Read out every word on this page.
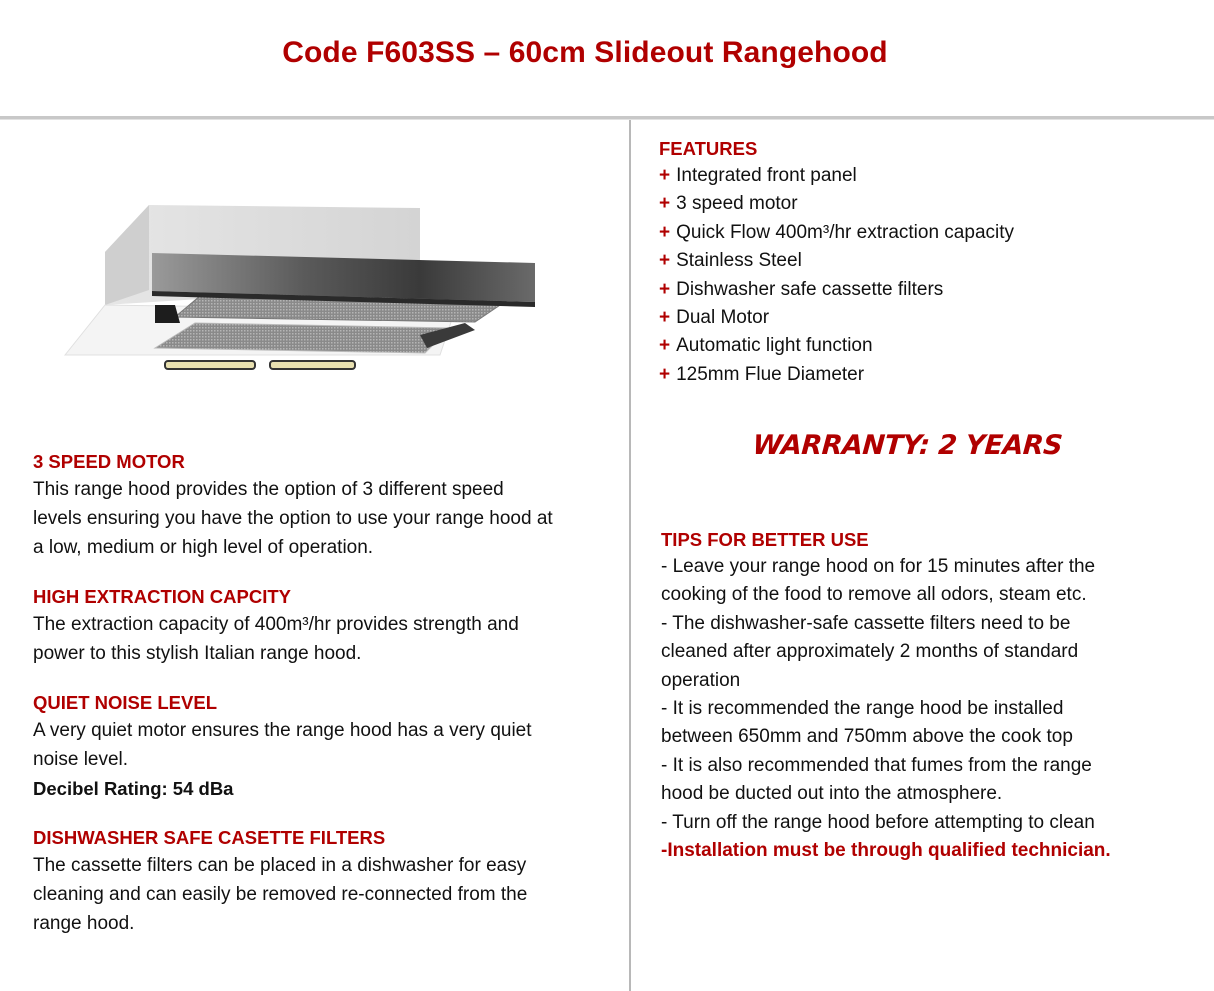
Code F603SS – 60cm Slideout Rangehood
3 SPEED MOTOR
This range hood provides the option of 3 different speed
levels ensuring you have the option to use your range hood at
a low, medium or high level of operation.
HIGH EXTRACTION CAPCITY
The extraction capacity of 400m³/hr provides strength and
power to this stylish Italian range hood.
QUIET NOISE LEVEL
A very quiet motor ensures the range hood has a very quiet
noise level.
Decibel Rating: 54 dBa
DISHWASHER SAFE CASETTE FILTERS
The cassette filters can be placed in a dishwasher for easy
cleaning and can easily be removed re-connected from the
range hood.
FEATURES
+ Integrated front panel
+ 3 speed motor
+ Quick Flow 400m³/hr extraction capacity
+ Stainless Steel
+ Dishwasher safe cassette filters
+ Dual Motor
+ Automatic light function
+ 125mm Flue Diameter
WARRANTY: 2 YEARS
TIPS FOR BETTER USE
- Leave your range hood on for 15 minutes after the
cooking of the food to remove all odors, steam etc.
- The dishwasher-safe cassette filters need to be
cleaned after approximately 2 months of standard
operation
- It is recommended the range hood be installed
between 650mm and 750mm above the cook top
- It is also recommended that fumes from the range
hood be ducted out into the atmosphere.
- Turn off the range hood before attempting to clean
-Installation must be through qualified technician.
